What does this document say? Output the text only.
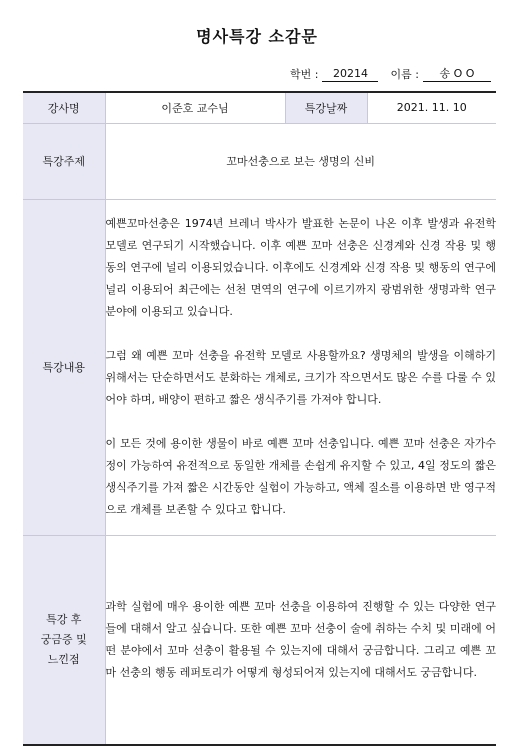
명사특강 소감문
학번 :	20214	이름 :	송 O O
강사명	이준호 교수님	특강날짜	2021. 11. 10
특강주제	꼬마선충으로 보는 생명의 신비		
특강내용	예쁜꼬마선충은 1974년 브레너 박사가 발표한 논문이 나온 이후 발생과 유전학 모델로 연구되기 시작했습니다. 이후 예쁜 꼬마 선충은 신경계와 신경 작용 및 행동의 연구에 널리 이용되었습니다. 이후에도 신경계와 신경 작용 및 행동의 연구에 널리 이용되어 최근에는 선천 면역의 연구에 이르기까지 광범위한 생명과학 연구 분야에 이용되고 있습니다.

그럼 왜 예쁜 꼬마 선충을 유전학 모델로 사용할까요? 생명체의 발생을 이해하기 위해서는 단순하면서도 분화하는 개체로, 크기가 작으면서도 많은 수를 다룰 수 있어야 하며, 배양이 편하고 짧은 생식주기를 가져야 합니다.

이 모든 것에 용이한 생물이 바로 예쁜 꼬마 선충입니다. 예쁜 꼬마 선충은 자가수정이 가능하여 유전적으로 동일한 개체를 손쉽게 유지할 수 있고, 4일 정도의 짧은 생식주기를 가져 짧은 시간동안 실험이 가능하고, 액체 질소를 이용하면 반 영구적으로 개체를 보존할 수 있다고 합니다.		

특강 후
궁금증 및
느낀점	과학 실험에 매우 용이한 예쁜 꼬마 선충을 이용하여 진행할 수 있는 다양한 연구들에 대해서 알고 싶습니다. 또한 예쁜 꼬마 선충이 술에 취하는 수치 및 미래에 어떤 분야에서 꼬마 선충이 활용될 수 있는지에 대해서 궁금합니다. 그리고 예쁜 꼬마 선충의 행동 레퍼토리가 어떻게 형성되어져 있는지에 대해서도 궁금합니다.		
